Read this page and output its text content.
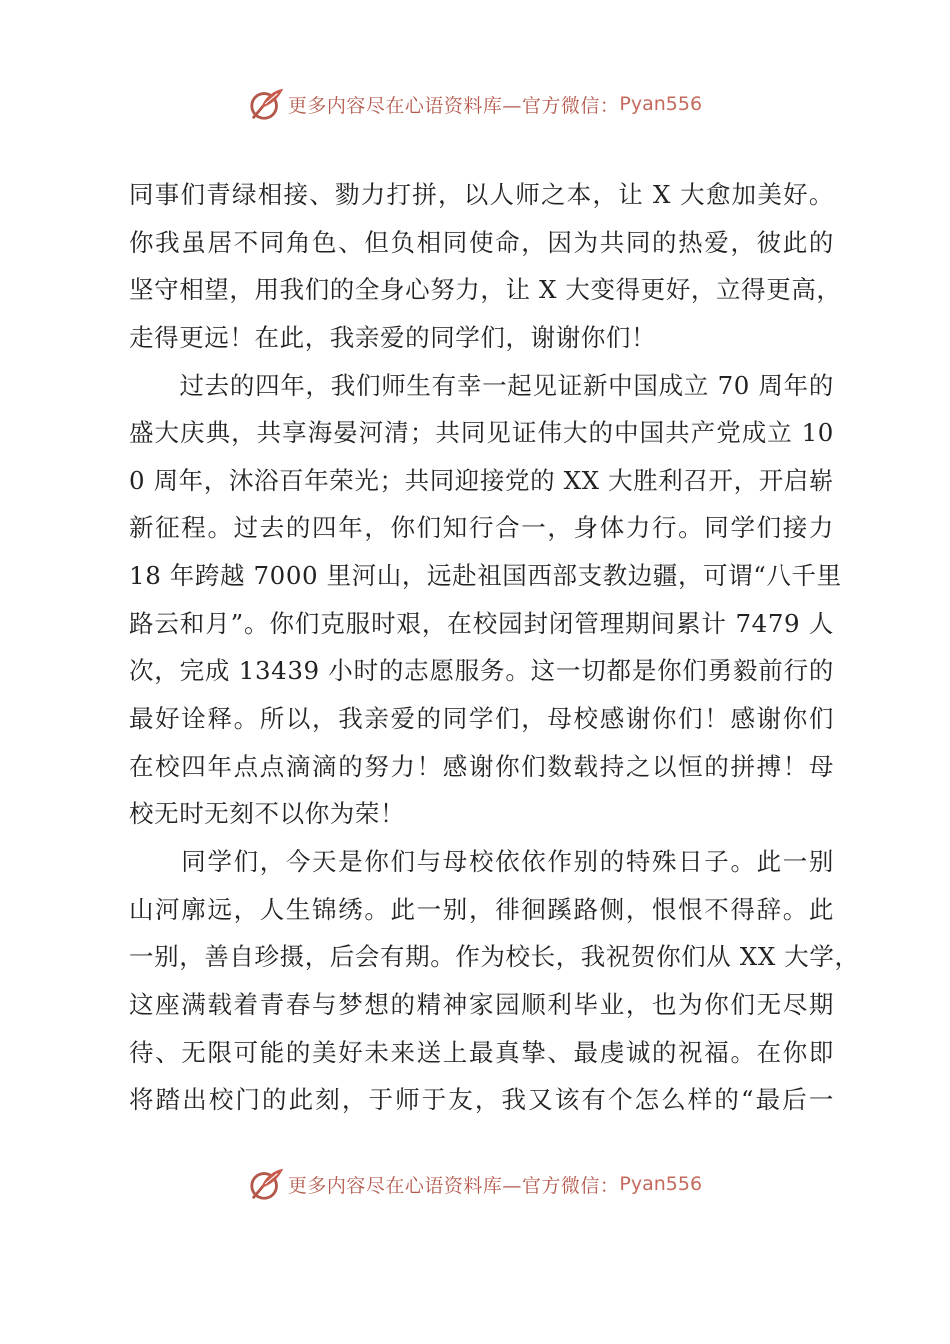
更多内容尽在心语资料库—官方微信： Pyan556
同事们青绿相接、勠力打拼，以人师之本，让 X 大愈加美好。
你我虽居不同角色、但负相同使命，因为共同的热爱，彼此的
坚守相望，用我们的全身心努力，让 X 大变得更好，立得更高，
走得更远！在此，我亲爱的同学们，谢谢你们！
　　过去的四年，我们师生有幸一起见证新中国成立 70 周年的
盛大庆典，共享海晏河清；共同见证伟大的中国共产党成立 10
0 周年，沐浴百年荣光；共同迎接党的 XX 大胜利召开，开启崭
新征程。过去的四年，你们知行合一，身体力行。同学们接力
18 年跨越 7000 里河山，远赴祖国西部支教边疆，可谓“八千里
路云和月”。你们克服时艰，在校园封闭管理期间累计 7479 人
次，完成 13439 小时的志愿服务。这一切都是你们勇毅前行的
最好诠释。所以，我亲爱的同学们，母校感谢你们！感谢你们
在校四年点点滴滴的努力！感谢你们数载持之以恒的拼搏！母
校无时无刻不以你为荣！
　　同学们，今天是你们与母校依依作别的特殊日子。此一别
山河廓远，人生锦绣。此一别，徘徊蹊路侧，恨恨不得辞。此
一别，善自珍摄，后会有期。作为校长，我祝贺你们从 XX 大学，
这座满载着青春与梦想的精神家园顺利毕业，也为你们无尽期
待、无限可能的美好未来送上最真挚、最虔诚的祝福。在你即
将踏出校门的此刻，于师于友，我又该有个怎么样的“最后一
更多内容尽在心语资料库—官方微信： Pyan556
